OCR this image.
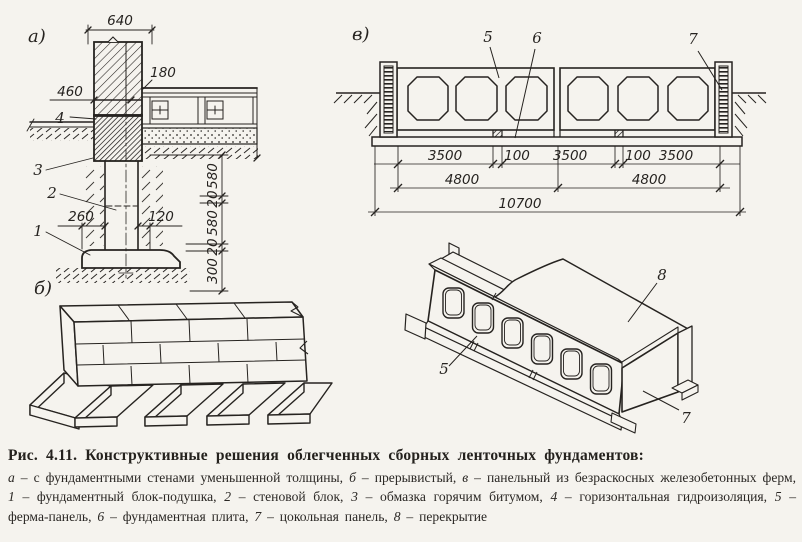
а)
640
460
180
260	120
580
20
580
20
300
4
3
2
1
б)
в)
3500	100 3500	100 3500
4800	4800
10700
5	6	7
5
8
7

Рис. 4.11. Конструктивные решения облегченных сборных ленточных фундаментов:

а – с фундаментными стенами уменьшенной толщины, б – прерывистый, в – панельный из безраскосных железобетонных ферм, 1 – фундаментный блок-подушка, 2 – стеновой блок, 3 – обмазка горячим битумом, 4 – горизонтальная гидроизоляция, 5 – ферма-панель, 6 – фундаментная плита, 7 – цокольная панель, 8 – перекрытие
